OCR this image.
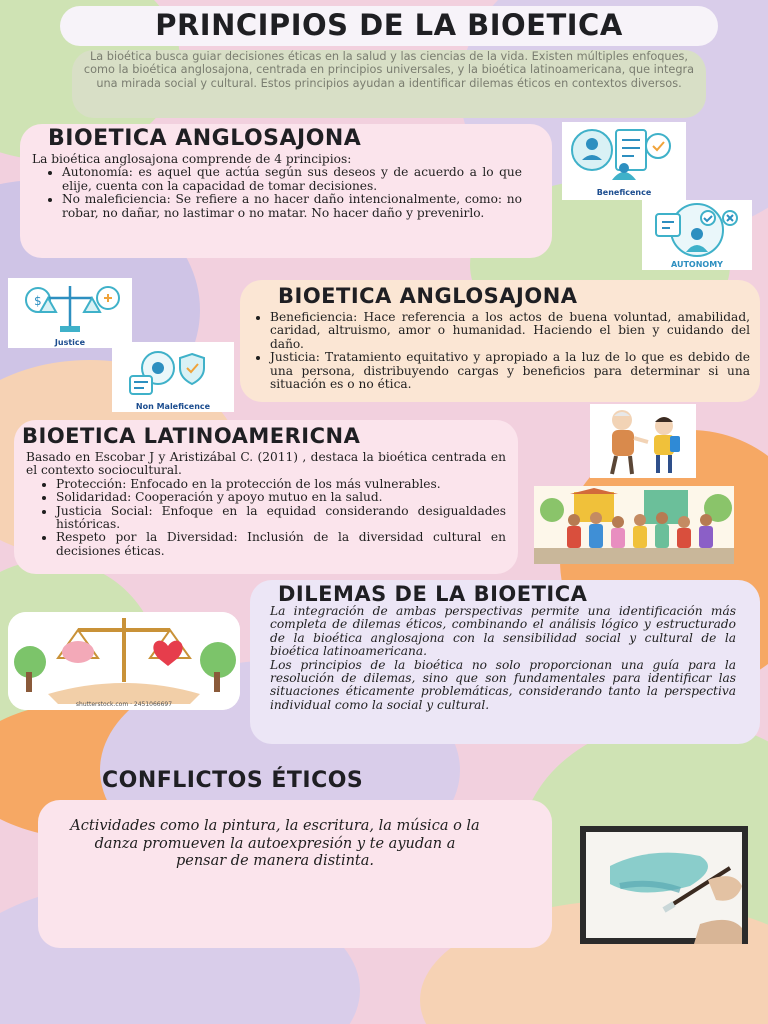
PRINCIPIOS DE LA BIOETICA
La bioética busca guiar decisiones éticas en la salud y las ciencias de la vida. Existen múltiples enfoques, como la bioética anglosajona, centrada en principios universales, y la bioética latinoamericana, que integra una mirada social y cultural. Estos principios ayudan a identificar dilemas éticos en contextos diversos.
BIOETICA ANGLOSAJONA

La bioética anglosajona comprende de 4 principios:

• Autonomía: es aquel que actúa según sus deseos y de acuerdo a lo que elije, cuenta con la capacidad de tomar decisiones.
• No maleficiencia: Se refiere a no hacer daño intencionalmente, como: no robar, no dañar, no lastimar o no matar. No hacer daño y prevenirlo.
Beneficence
AUTONOMY
$
Justice
Non Maleficence
BIOETICA ANGLOSAJONA
• Beneficiencia: Hace referencia a los actos de buena voluntad, amabilidad, caridad, altruismo, amor o humanidad. Haciendo el bien y cuidando del daño.
• Justicia: Tratamiento equitativo y apropiado a la luz de lo que es debido de una persona, distribuyendo cargas y beneficios para determinar si una situación es o no ética.
BIOETICA LATINOAMERICNA

Basado en Escobar J y Aristizábal C. (2011) , destaca la bioética centrada en el contexto sociocultural.

• Protección: Enfocado en la protección de los más vulnerables.
• Solidaridad: Cooperación y apoyo mutuo en la salud.
• Justicia Social: Enfoque en la equidad considerando desigualdades históricas.
• Respeto por la Diversidad: Inclusión de la diversidad cultural en decisiones éticas.
DILEMAS DE LA BIOETICA

La integración de ambas perspectivas permite una identificación más completa de dilemas éticos, combinando el análisis lógico y estructurado de la bioética anglosajona con la sensibilidad social y cultural de la bioética latinoamericana.

Los principios de la bioética no solo proporcionan una guía para la resolución de dilemas, sino que son fundamentales para identificar las situaciones éticamente problemáticas, considerando tanto la perspectiva individual como la social y cultural.

shutterstock.com · 2451066697
CONFLICTOS ÉTICOS
Actividades como la pintura, la escritura, la música o la danza promueven la autoexpresión y te ayudan a pensar de manera distinta.
